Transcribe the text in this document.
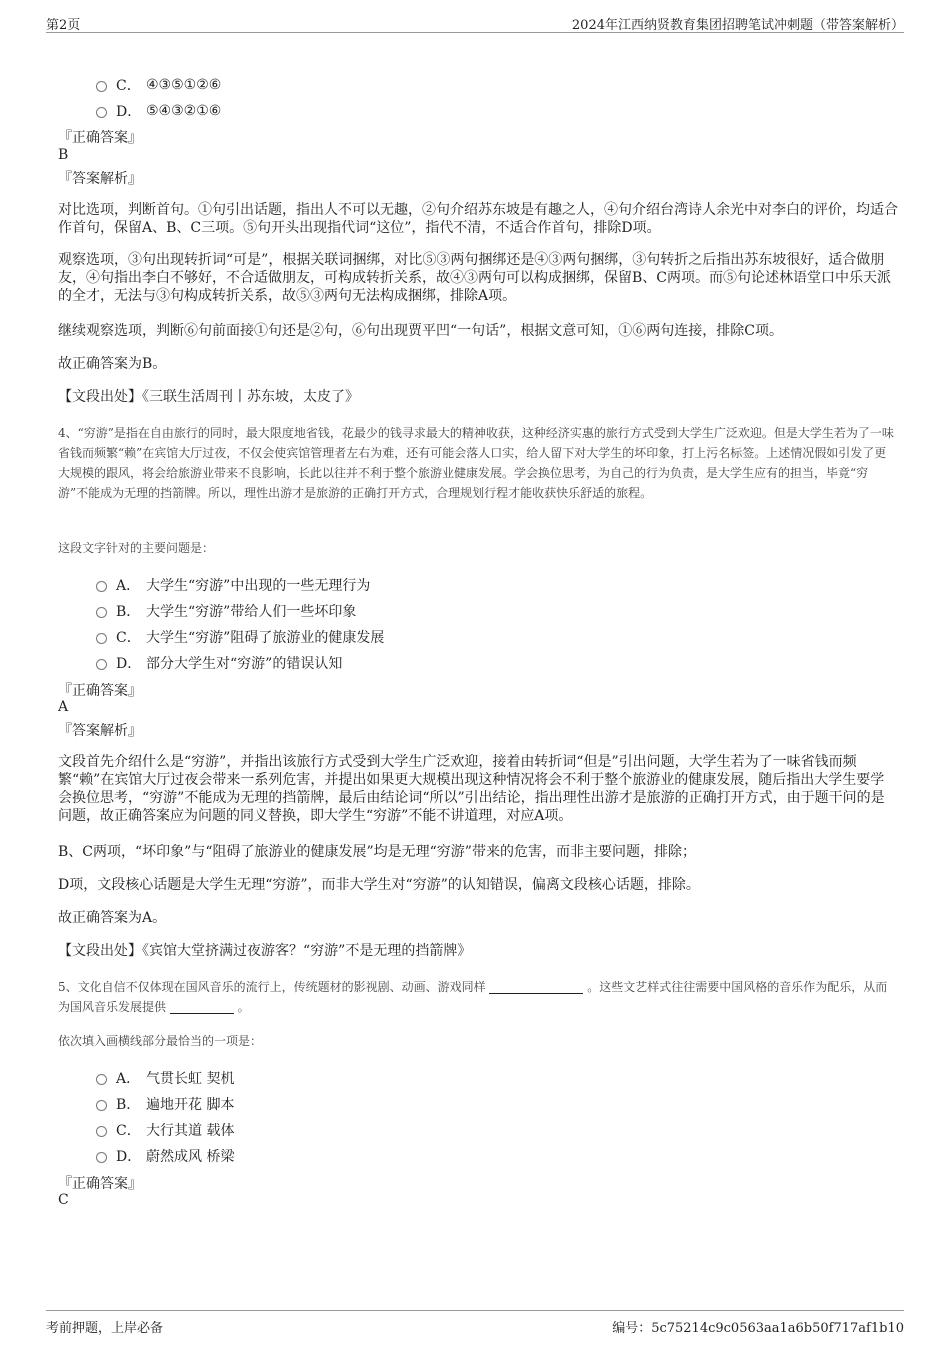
第2页	2024年江西纳贤教育集团招聘笔试冲刺题（带答案解析）
C． ④③⑤①②⑥
D． ⑤④③②①⑥
『正确答案』
B
『答案解析』
对比选项，判断首句。①句引出话题，指出人不可以无趣，②句介绍苏东坡是有趣之人，④句介绍台湾诗人余光中对李白的评价，均适合作首句，保留A、B、C三项。⑤句开头出现指代词“这位”，指代不清，不适合作首句，排除D项。
观察选项，③句出现转折词“可是”，根据关联词捆绑，对比⑤③两句捆绑还是④③两句捆绑，③句转折之后指出苏东坡很好，适合做朋友，④句指出李白不够好，不合适做朋友，可构成转折关系，故④③两句可以构成捆绑，保留B、C两项。而⑤句论述林语堂口中乐天派的全才，无法与③句构成转折关系，故⑤③两句无法构成捆绑，排除A项。
继续观察选项，判断⑥句前面接①句还是②句，⑥句出现贾平凹“一句话”，根据文意可知，①⑥两句连接，排除C项。
故正确答案为B。
【文段出处】《三联生活周刊丨苏东坡，太皮了》
4、“穷游”是指在自由旅行的同时，最大限度地省钱，花最少的钱寻求最大的精神收获，这种经济实惠的旅行方式受到大学生广泛欢迎。但是大学生若为了一味省钱而频繁“赖”在宾馆大厅过夜，不仅会使宾馆管理者左右为难，还有可能会落人口实，给人留下对大学生的坏印象，打上污名标签。上述情况假如引发了更大规模的跟风，将会给旅游业带来不良影响，长此以往并不利于整个旅游业健康发展。学会换位思考，为自己的行为负责，是大学生应有的担当，毕竟“穷游”不能成为无理的挡箭牌。所以，理性出游才是旅游的正确打开方式，合理规划行程才能收获快乐舒适的旅程。
这段文字针对的主要问题是：
A． 大学生“穷游”中出现的一些无理行为
B． 大学生“穷游”带给人们一些坏印象
C． 大学生“穷游”阻碍了旅游业的健康发展
D． 部分大学生对“穷游”的错误认知
『正确答案』
A
『答案解析』
文段首先介绍什么是“穷游”，并指出该旅行方式受到大学生广泛欢迎，接着由转折词“但是”引出问题，大学生若为了一味省钱而频繁“赖”在宾馆大厅过夜会带来一系列危害，并提出如果更大规模出现这种情况将会不利于整个旅游业的健康发展，随后指出大学生要学会换位思考，“穷游”不能成为无理的挡箭牌，最后由结论词“所以”引出结论，指出理性出游才是旅游的正确打开方式，由于题干问的是问题，故正确答案应为问题的同义替换，即大学生“穷游”不能不讲道理，对应A项。
B、C两项，“坏印象”与“阻碍了旅游业的健康发展”均是无理“穷游”带来的危害，而非主要问题，排除；
D项，文段核心话题是大学生无理“穷游”，而非大学生对“穷游”的认知错误，偏离文段核心话题，排除。
故正确答案为A。
【文段出处】《宾馆大堂挤满过夜游客？“穷游”不是无理的挡箭牌》
5、文化自信不仅体现在国风音乐的流行上，传统题材的影视剧、动画、游戏同样	。这些文艺样式往往需要中国风格的音乐作为配乐，从而为国风音乐发展提供	。
依次填入画横线部分最恰当的一项是：
A． 气贯长虹 契机
B． 遍地开花 脚本
C． 大行其道 载体
D． 蔚然成风 桥梁
『正确答案』
C
考前押题，上岸必备	编号：5c75214c9c0563aa1a6b50f717af1b10
